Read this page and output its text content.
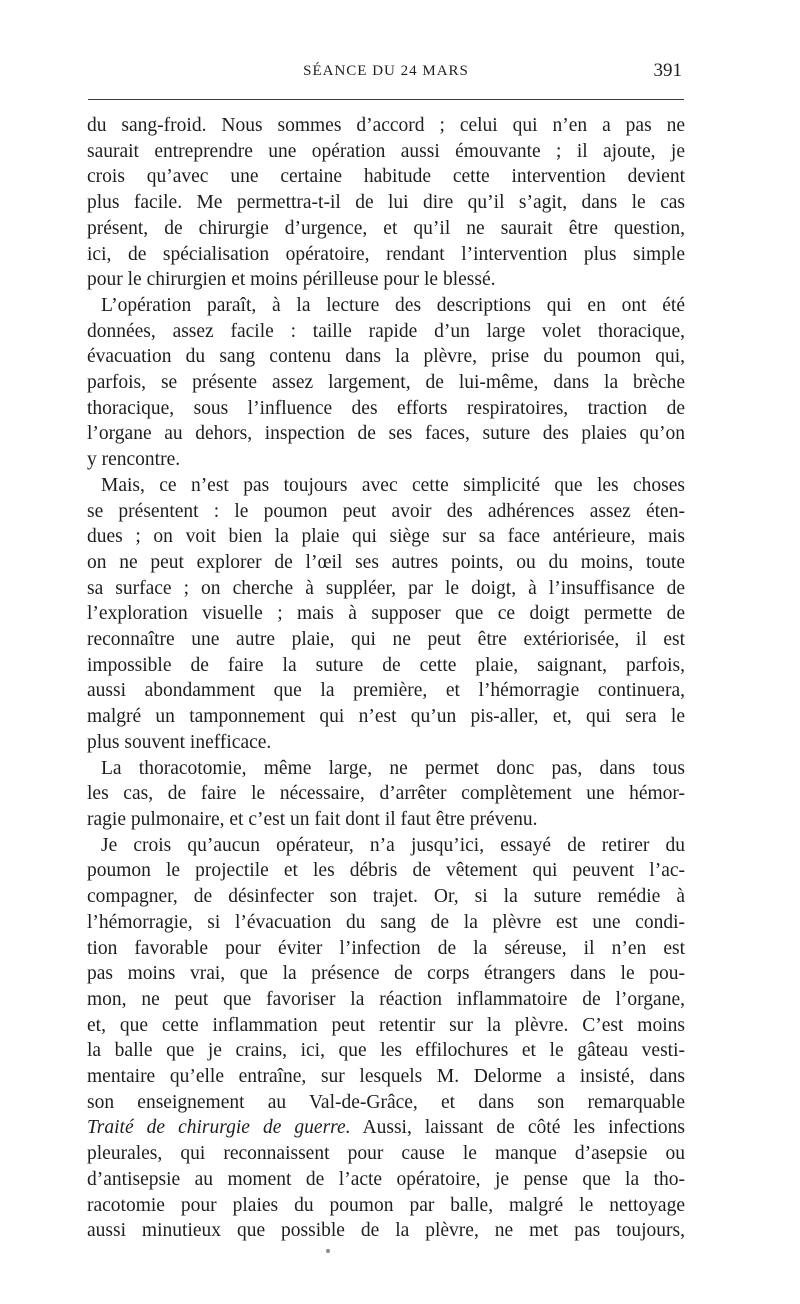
SÉANCE DU 24 MARS	391
du sang-froid. Nous sommes d’accord ; celui qui n’en a pas ne
saurait entreprendre une opération aussi émouvante ; il ajoute, je
crois qu’avec une certaine habitude cette intervention devient
plus facile. Me permettra-t-il de lui dire qu’il s’agit, dans le cas
présent, de chirurgie d’urgence, et qu’il ne saurait être question,
ici, de spécialisation opératoire, rendant l’intervention plus simple
pour le chirurgien et moins périlleuse pour le blessé.
L’opération paraît, à la lecture des descriptions qui en ont été
données, assez facile : taille rapide d’un large volet thoracique,
évacuation du sang contenu dans la plèvre, prise du poumon qui,
parfois, se présente assez largement, de lui-même, dans la brèche
thoracique, sous l’influence des efforts respiratoires, traction de
l’organe au dehors, inspection de ses faces, suture des plaies qu’on
y rencontre.
Mais, ce n’est pas toujours avec cette simplicité que les choses
se présentent : le poumon peut avoir des adhérences assez éten-
dues ; on voit bien la plaie qui siège sur sa face antérieure, mais
on ne peut explorer de l’œil ses autres points, ou du moins, toute
sa surface ; on cherche à suppléer, par le doigt, à l’insuffisance de
l’exploration visuelle ; mais à supposer que ce doigt permette de
reconnaître une autre plaie, qui ne peut être extériorisée, il est
impossible de faire la suture de cette plaie, saignant, parfois,
aussi abondamment que la première, et l’hémorragie continuera,
malgré un tamponnement qui n’est qu’un pis-aller, et, qui sera le
plus souvent inefficace.
La thoracotomie, même large, ne permet donc pas, dans tous
les cas, de faire le nécessaire, d’arrêter complètement une hémor-
ragie pulmonaire, et c’est un fait dont il faut être prévenu.
Je crois qu’aucun opérateur, n’a jusqu’ici, essayé de retirer du
poumon le projectile et les débris de vêtement qui peuvent l’ac-
compagner, de désinfecter son trajet. Or, si la suture remédie à
l’hémorragie, si l’évacuation du sang de la plèvre est une condi-
tion favorable pour éviter l’infection de la séreuse, il n’en est
pas moins vrai, que la présence de corps étrangers dans le pou-
mon, ne peut que favoriser la réaction inflammatoire de l’organe,
et, que cette inflammation peut retentir sur la plèvre. C’est moins
la balle que je crains, ici, que les effilochures et le gâteau vesti-
mentaire qu’elle entraîne, sur lesquels M. Delorme a insisté, dans
son enseignement au Val-de-Grâce, et dans son remarquable
Traité de chirurgie de guerre. Aussi, laissant de côté les infections
pleurales, qui reconnaissent pour cause le manque d’asepsie ou
d’antisepsie au moment de l’acte opératoire, je pense que la tho-
racotomie pour plaies du poumon par balle, malgré le nettoyage
aussi minutieux que possible de la plèvre, ne met pas toujours,
